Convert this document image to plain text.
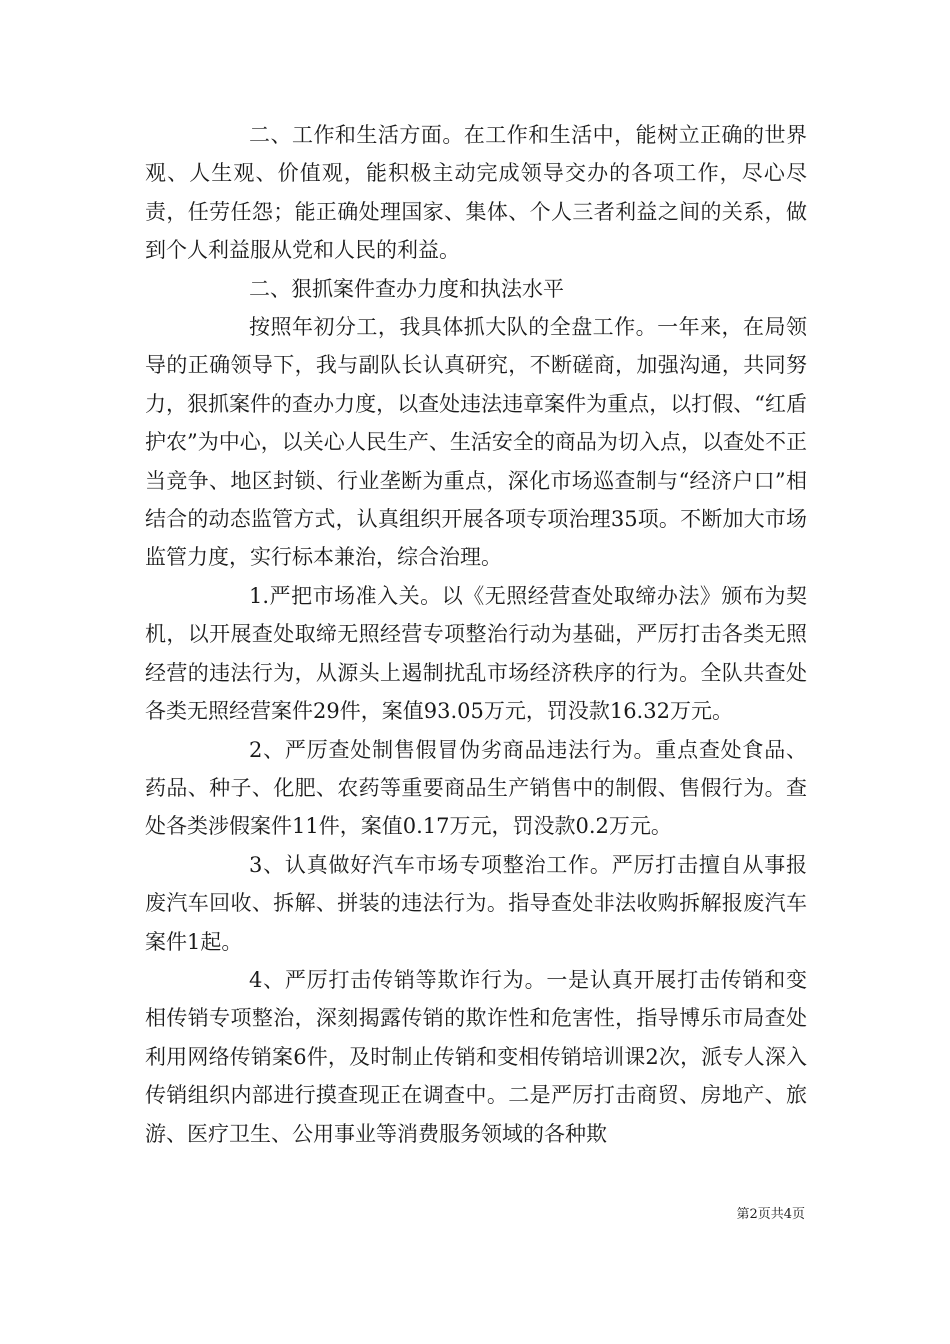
二、工作和生活方面。在工作和生活中，能树立正确的世界观、人生观、价值观，能积极主动完成领导交办的各项工作，尽心尽责，任劳任怨；能正确处理国家、集体、个人三者利益之间的关系，做到个人利益服从党和人民的利益。

二、狠抓案件查办力度和执法水平

按照年初分工，我具体抓大队的全盘工作。一年来，在局领导的正确领导下，我与副队长认真研究，不断磋商，加强沟通，共同努力，狠抓案件的查办力度，以查处违法违章案件为重点，以打假、“红盾护农”为中心，以关心人民生产、生活安全的商品为切入点，以查处不正当竞争、地区封锁、行业垄断为重点，深化市场巡查制与“经济户口”相结合的动态监管方式，认真组织开展各项专项治理35项。不断加大市场监管力度，实行标本兼治，综合治理。

1.严把市场准入关。以《无照经营查处取缔办法》颁布为契机，以开展查处取缔无照经营专项整治行动为基础，严厉打击各类无照经营的违法行为，从源头上遏制扰乱市场经济秩序的行为。全队共查处各类无照经营案件29件，案值93.05万元，罚没款16.32万元。

2、严厉查处制售假冒伪劣商品违法行为。重点查处食品、药品、种子、化肥、农药等重要商品生产销售中的制假、售假行为。查处各类涉假案件11件，案值0.17万元，罚没款0.2万元。

3、认真做好汽车市场专项整治工作。严厉打击擅自从事报废汽车回收、拆解、拼装的违法行为。指导查处非法收购拆解报废汽车案件1起。

4、严厉打击传销等欺诈行为。一是认真开展打击传销和变相传销专项整治，深刻揭露传销的欺诈性和危害性，指导博乐市局查处利用网络传销案6件，及时制止传销和变相传销培训课2次，派专人深入传销组织内部进行摸查现正在调查中。二是严厉打击商贸、房地产、旅游、医疗卫生、公用事业等消费服务领域的各种欺

第2页共4页
